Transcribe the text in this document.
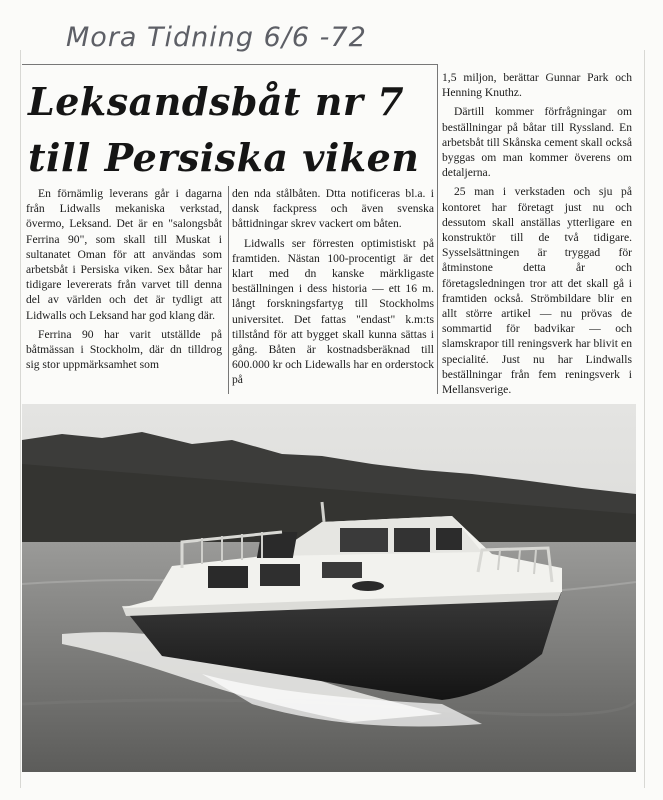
Mora Tidning 6/6 -72
Leksandsbåt nr 7
till Persiska viken

En förnämlig leverans går i dagarna från Lidwalls mekaniska verkstad, övermo, Leksand. Det är en "salongsbåt Ferrina 90", som skall till Muskat i sultanatet Oman för att användas som arbetsbåt i Persiska viken. Sex båtar har tidigare levererats från varvet till denna del av världen och det är tydligt att Lidwalls och Leksand har god klang där.

Ferrina 90 har varit utställde på båtmässan i Stockholm, där dn tilldrog sig stor uppmärksamhet som

den nda stålbåten. Dtta notificeras bl.a. i dansk fackpress och även svenska båttidningar skrev vackert om båten.

Lidwalls ser förresten optimistiskt på framtiden. Nästan 100-procentigt är det klart med dn kanske märkligaste beställningen i dess historia — ett 16 m. långt forskningsfartyg till Stockholms universitet. Det fattas "endast" k.m:ts tillstånd för att bygget skall kunna sättas i gång. Båten är kostnadsberäknad till 600.000 kr och Lidewalls har en orderstock på

1,5 miljon, berättar Gunnar Park och Henning Knuthz.

Därtill kommer förfrågningar om beställningar på båtar till Ryssland. En arbetsbåt till Skånska cement skall också byggas om man kommer överens om detaljerna.

25 man i verkstaden och sju på kontoret har företagt just nu och dessutom skall anställas ytterligare en konstruktör till de två tidigare. Sysselsättningen är tryggad för åtminstone detta år och företagsledningen tror att det skall gå i framtiden också. Strömbildare blir en allt större artikel — nu prövas de sommartid för badvikar — och slamskrapor till reningsverk har blivit en specialité. Just nu har Lindwalls beställningar från fem reningsverk i Mellansverige.
